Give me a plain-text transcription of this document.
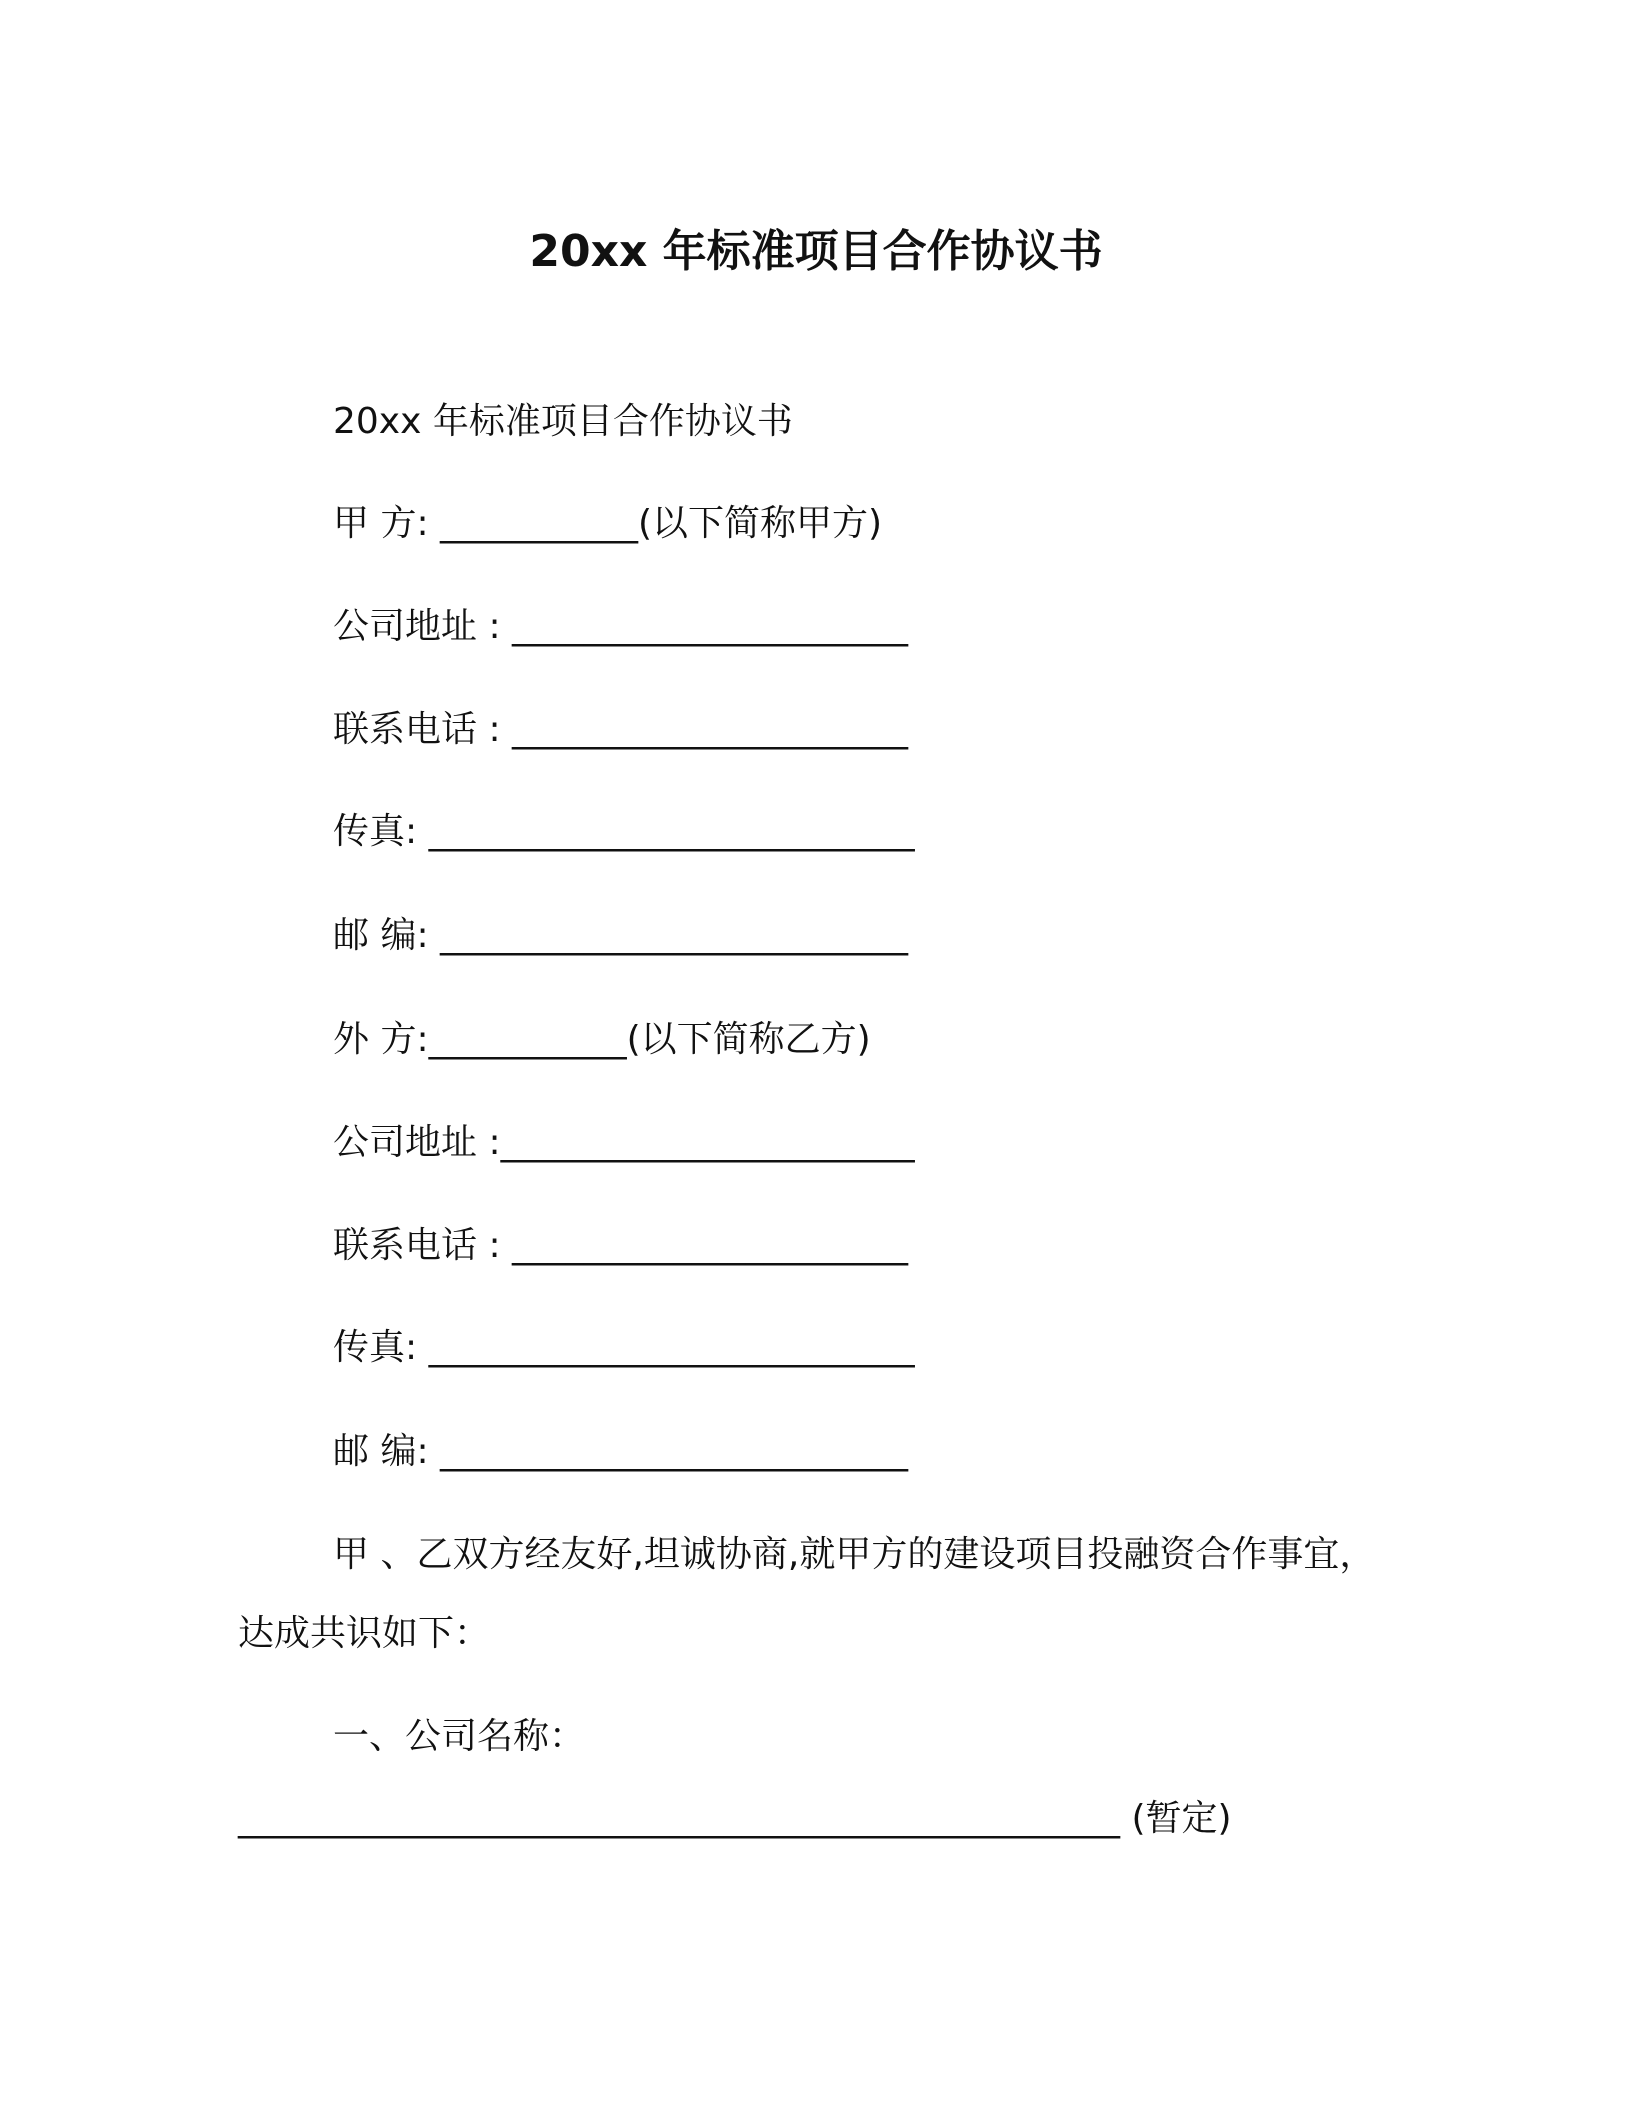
20xx 年标准项目合作协议书
20xx 年标准项目合作协议书
甲 方: ___________(以下简称甲方)
公司地址 : ______________________
联系电话 : ______________________
传真: ___________________________
邮 编: __________________________
外 方:___________(以下简称乙方)
公司地址 :_______________________
联系电话 : ______________________
传真: ___________________________
邮 编: __________________________
甲 、乙双方经友好,坦诚协商,就甲方的建设项目投融资合作事宜，
达成共识如下：
一、公司名称：
_________________________________________________ (暂定)
